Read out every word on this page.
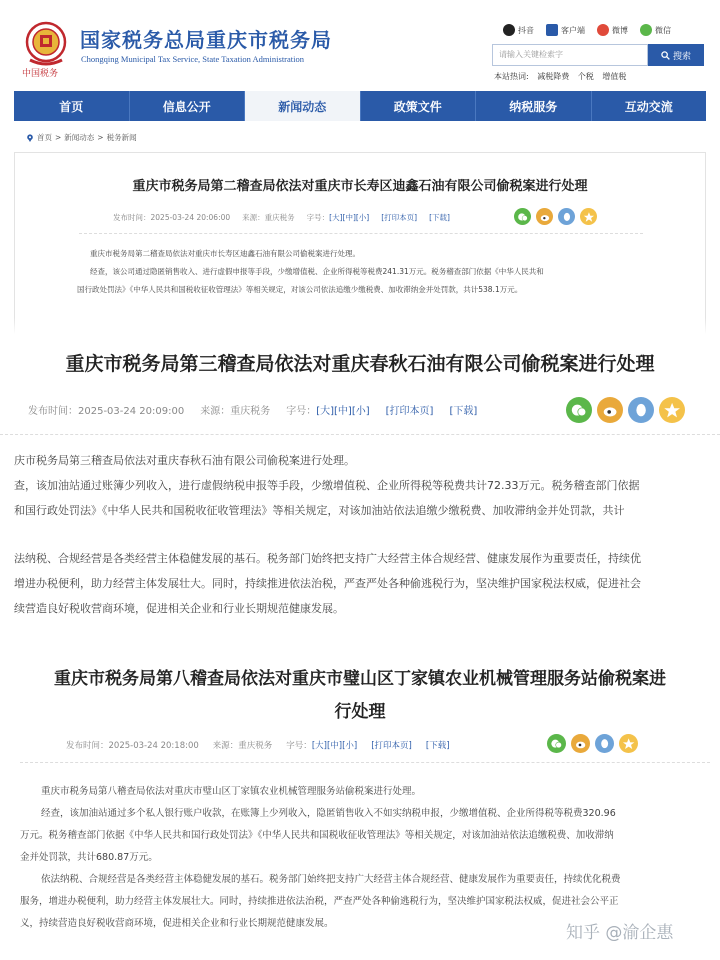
中国税务
国家税务总局重庆市税务局
Chongqing Municipal Tax Service, State Taxation Administration
抖音	客户端	微博	微信
请输入关键检索字	搜索
本站热词: 减税降费 个税 增值税
首页	信息公开	新闻动态	政策文件	纳税服务	互动交流
首页 > 新闻动态 > 税务新闻
重庆市税务局第二稽查局依法对重庆市长寿区迪鑫石油有限公司偷税案进行处理
发布时间：2025-03-24 20:06:00 来源：重庆税务 字号：[大][中][小] [打印本页] [下载]
重庆市税务局第二稽查局依法对重庆市长寿区迪鑫石油有限公司偷税案进行处理。
经查，该公司通过隐匿销售收入、进行虚假申报等手段，少缴增值税、企业所得税等税费241.31万元。税务稽查部门依据《中华人民共和
国行政处罚法》《中华人民共和国税收征收管理法》等相关规定，对该公司依法追缴少缴税费、加收滞纳金并处罚款，共计538.1万元。
重庆市税务局第三稽查局依法对重庆春秋石油有限公司偷税案进行处理
发布时间：2025-03-24 20:09:00 来源：重庆税务 字号：[大][中][小] [打印本页] [下载]
庆市税务局第三稽查局依法对重庆春秋石油有限公司偷税案进行处理。
查，该加油站通过账簿少列收入，进行虚假纳税申报等手段，少缴增值税、企业所得税等税费共计72.33万元。税务稽查部门依据
和国行政处罚法》《中华人民共和国税收征收管理法》等相关规定，对该加油站依法追缴少缴税费、加收滞纳金并处罚款，共计
法纳税、合规经营是各类经营主体稳健发展的基石。税务部门始终把支持广大经营主体合规经营、健康发展作为重要责任，持续优
增进办税便利，助力经营主体发展壮大。同时，持续推进依法治税，严查严处各种偷逃税行为，坚决维护国家税法权威，促进社会
续营造良好税收营商环境，促进相关企业和行业长期规范健康发展。
重庆市税务局第八稽查局依法对重庆市璧山区丁家镇农业机械管理服务站偷税案进
行处理
发布时间：2025-03-24 20:18:00 来源：重庆税务 字号：[大][中][小] [打印本页] [下载]
重庆市税务局第八稽查局依法对重庆市璧山区丁家镇农业机械管理服务站偷税案进行处理。
经查，该加油站通过多个私人银行账户收款，在账簿上少列收入，隐匿销售收入不如实纳税申报，少缴增值税、企业所得税等税费320.96
万元。税务稽查部门依据《中华人民共和国行政处罚法》《中华人民共和国税收征收管理法》等相关规定，对该加油站依法追缴税费、加收滞纳
金并处罚款，共计680.87万元。
依法纳税、合规经营是各类经营主体稳健发展的基石。税务部门始终把支持广大经营主体合规经营、健康发展作为重要责任，持续优化税费
服务，增进办税便利，助力经营主体发展壮大。同时，持续推进依法治税，严查严处各种偷逃税行为，坚决维护国家税法权威，促进社会公平正
义，持续营造良好税收营商环境，促进相关企业和行业长期规范健康发展。	知乎 @渝企惠
